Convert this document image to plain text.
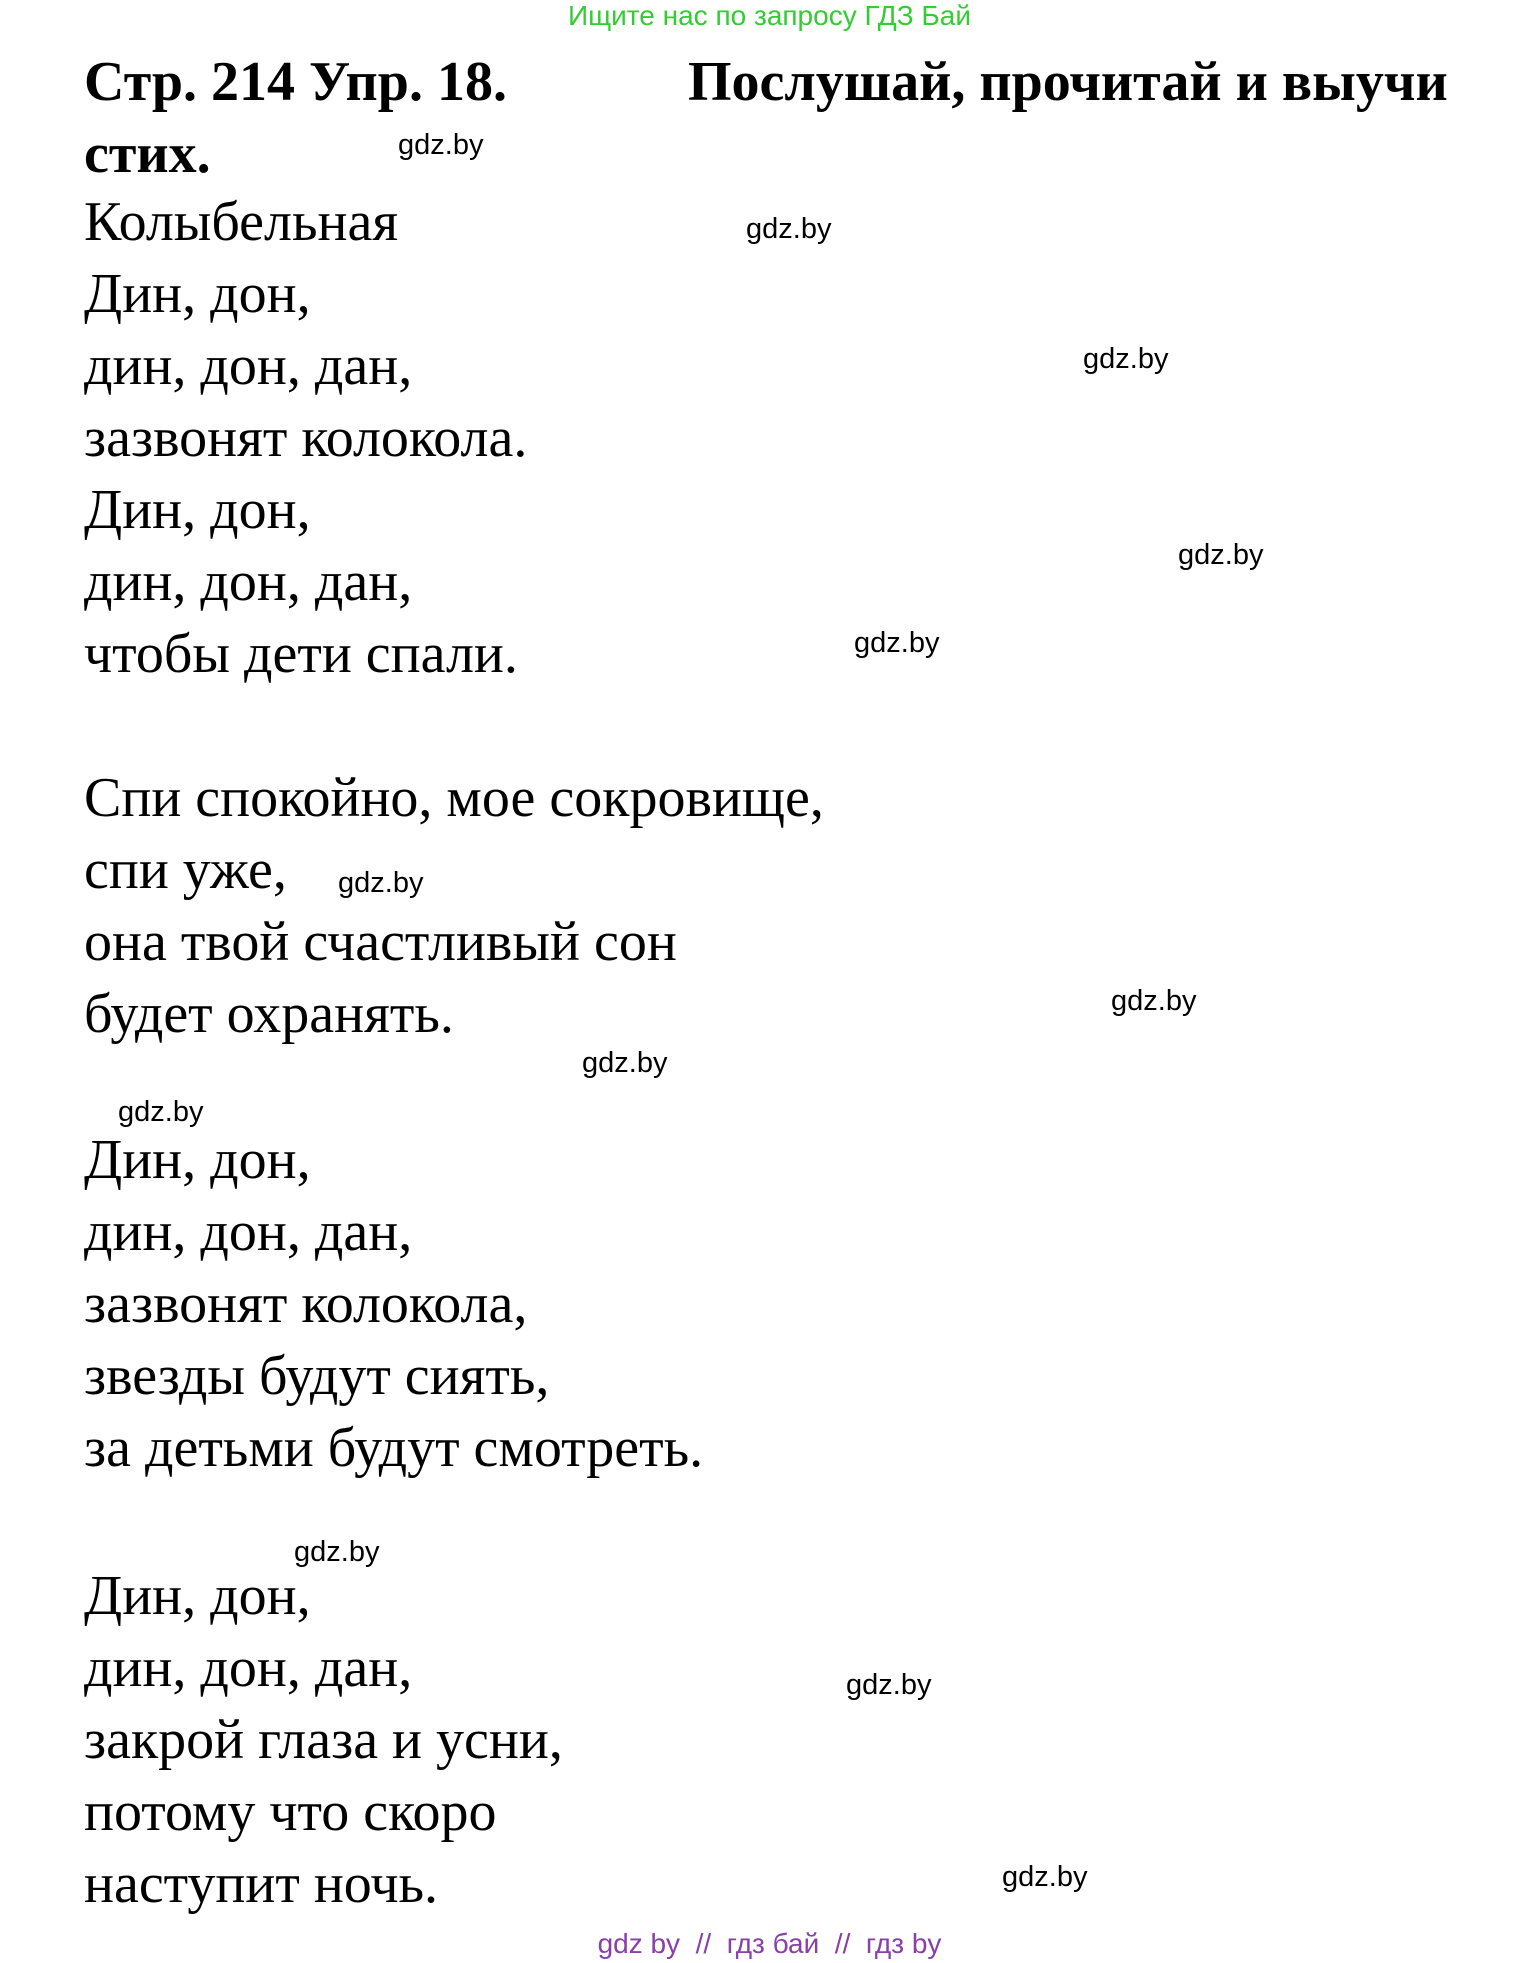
Ищите нас по запросу ГДЗ Бай
Стр. 214 Упр. 18.	Послушай, прочитай и выучи
стих.
Колыбельная
Дин, дон,
дин, дон, дан,
зазвонят колокола.
Дин, дон,
дин, дон, дан,
чтобы дети спали.
Спи спокойно, мое сокровище,
спи уже,
она твой счастливый сон
будет охранять.
Дин, дон,
дин, дон, дан,
зазвонят колокола,
звезды будут сиять,
за детьми будут смотреть.
Дин, дон,
дин, дон, дан,
закрой глаза и усни,
потому что скоро
наступит ночь.
gdz.by
gdz.by
gdz.by
gdz.by
gdz.by
gdz.by
gdz.by
gdz.by
gdz.by
gdz.by
gdz.by
gdz.by
gdz by  //  гдз бай  //  гдз by
